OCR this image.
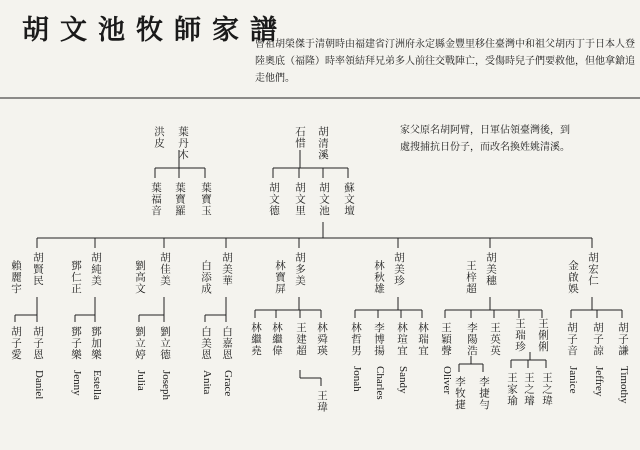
胡文池牧師家譜
曾祖胡榮傑于清朝時由福建省汀洲府永定縣金豐里移住臺灣中和祖父胡丙丁于日本人登陸奧底（福隆）時率領結拜兄弟多人前往交戰陣亡，受傷時兒子們要救他，但他拿鎗追走他們。
家父原名胡阿臂，日軍佔領臺灣後，到處搜捕抗日份子，而改名換姓姚清溪。
洪皮 葉丹木	石惜 胡清溪
葉福音 葉寶羅 葉寶玉	胡文德 胡文里 胡文池 蘇文壇
賴麗宇 胡賢民 鄧仁正 胡純美	劉高文 胡佳美	白添成 胡美華	林寶屏 胡多美	林秋雄 胡美珍	王梓超 胡美穗	金啟娛 胡宏仁
胡子愛 胡子恩
Daniel
鄧子樂
Jenny
鄧加樂
Estella
劉立婷
Julia
劉立德
Joseph
白美恩
Anita
白嘉恩
Grace
林繼堯 林繼偉 王建超 林舜瑛
王瑋
林哲男
Jonah
李博揚
Charles
林瑄宜
Sandy
林瑞宜 王穎聲
Oliver
李陽浩 王英英 王瑞珍 王俐俐
李牧捷 李捷勻 王家瑜 王之璿 王之瑋
胡子音
Janice
胡子諒
Jeffrey
胡子謙
Timothy
